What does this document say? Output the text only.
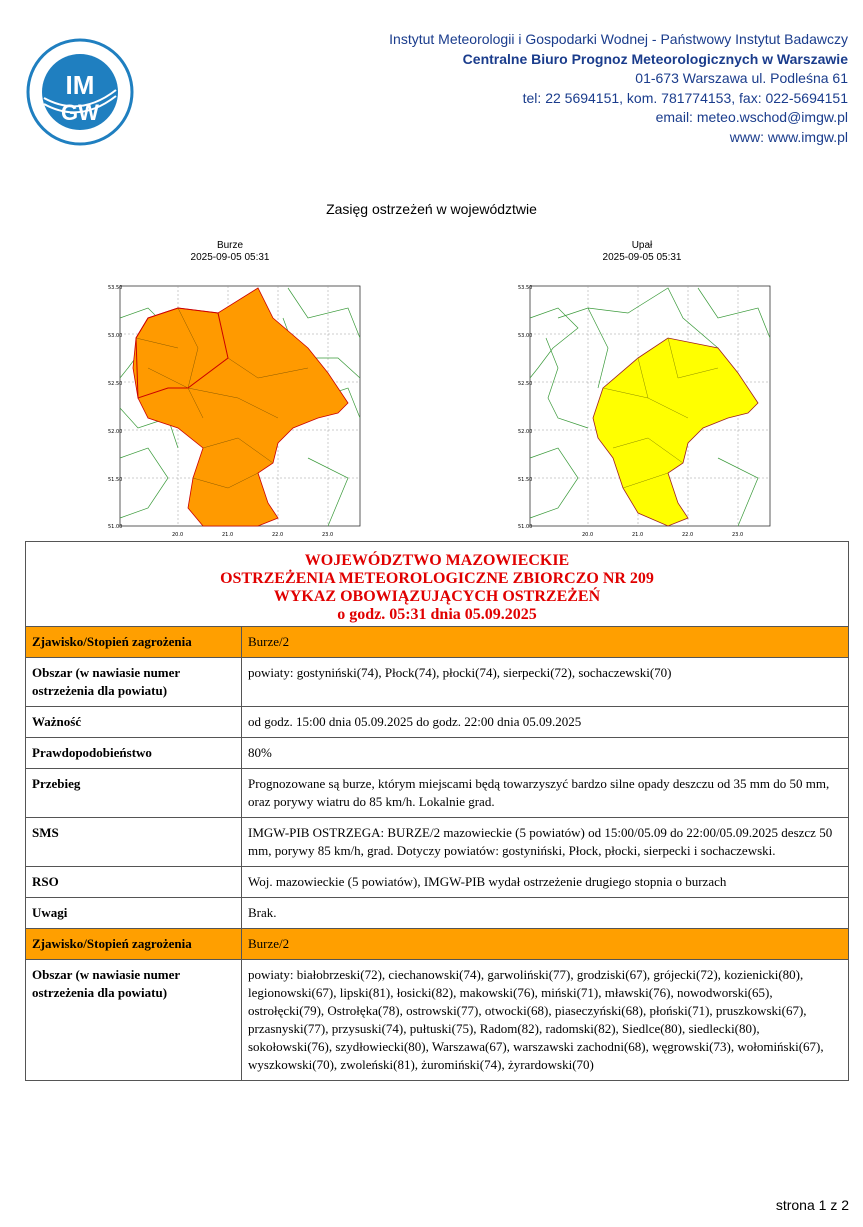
IM
GW
Instytut Meteorologii i Gospodarki Wodnej - Państwowy Instytut Badawczy
Centralne Biuro Prognoz Meteorologicznych w Warszawie
01-673 Warszawa ul. Podleśna 61
tel: 22 5694151, kom. 781774153, fax: 022-5694151
email: meteo.wschod@imgw.pl
www: www.imgw.pl
Zasięg ostrzeżeń w województwie
Burze
2025-09-05 05:31
53.50
53.00
52.50
52.00
51.50
51.00
20.0	21.0	22.0	23.0
Upał
2025-09-05 05:31
53.50
53.00
52.50
52.00
51.50
51.00
20.0	21.0	22.0	23.0
WOJEWÓDZTWO MAZOWIECKIE
OSTRZEŻENIA METEOROLOGICZNE ZBIORCZO NR 209
WYKAZ OBOWIĄZUJĄCYCH OSTRZEŻEŃ
o godz. 05:31 dnia 05.09.2025	

Zjawisko/Stopień zagrożenia	Burze/2
Obszar (w nawiasie numer ostrzeżenia dla powiatu)	powiaty: gostyniński(74), Płock(74), płocki(74), sierpecki(72), sochaczewski(70)
Ważność	od godz. 15:00 dnia 05.09.2025 do godz. 22:00 dnia 05.09.2025
Prawdopodobieństwo	80%
Przebieg	Prognozowane są burze, którym miejscami będą towarzyszyć bardzo silne opady deszczu od 35 mm do 50 mm, oraz porywy wiatru do 85 km/h. Lokalnie grad.
SMS	IMGW-PIB OSTRZEGA: BURZE/2 mazowieckie (5 powiatów) od 15:00/05.09 do 22:00/05.09.2025 deszcz 50 mm, porywy 85 km/h, grad. Dotyczy powiatów: gostyniński, Płock, płocki, sierpecki i sochaczewski.
RSO	Woj. mazowieckie (5 powiatów), IMGW-PIB wydał ostrzeżenie drugiego stopnia o burzach
Uwagi	Brak.
Zjawisko/Stopień zagrożenia	Burze/2
Obszar (w nawiasie numer ostrzeżenia dla powiatu)	powiaty: białobrzeski(72), ciechanowski(74), garwoliński(77), grodziski(67), grójecki(72), kozienicki(80), legionowski(67), lipski(81), łosicki(82), makowski(76), miński(71), mławski(76), nowodworski(65), ostrołęcki(79), Ostrołęka(78), ostrowski(77), otwocki(68), piaseczyński(68), płoński(71), pruszkowski(67), przasnyski(77), przysuski(74), pułtuski(75), Radom(82), radomski(82), Siedlce(80), siedlecki(80), sokołowski(76), szydłowiecki(80), Warszawa(67), warszawski zachodni(68), węgrowski(73), wołomiński(67), wyszkowski(70), zwoleński(81), żuromiński(74), żyrardowski(70)
strona 1 z 2
